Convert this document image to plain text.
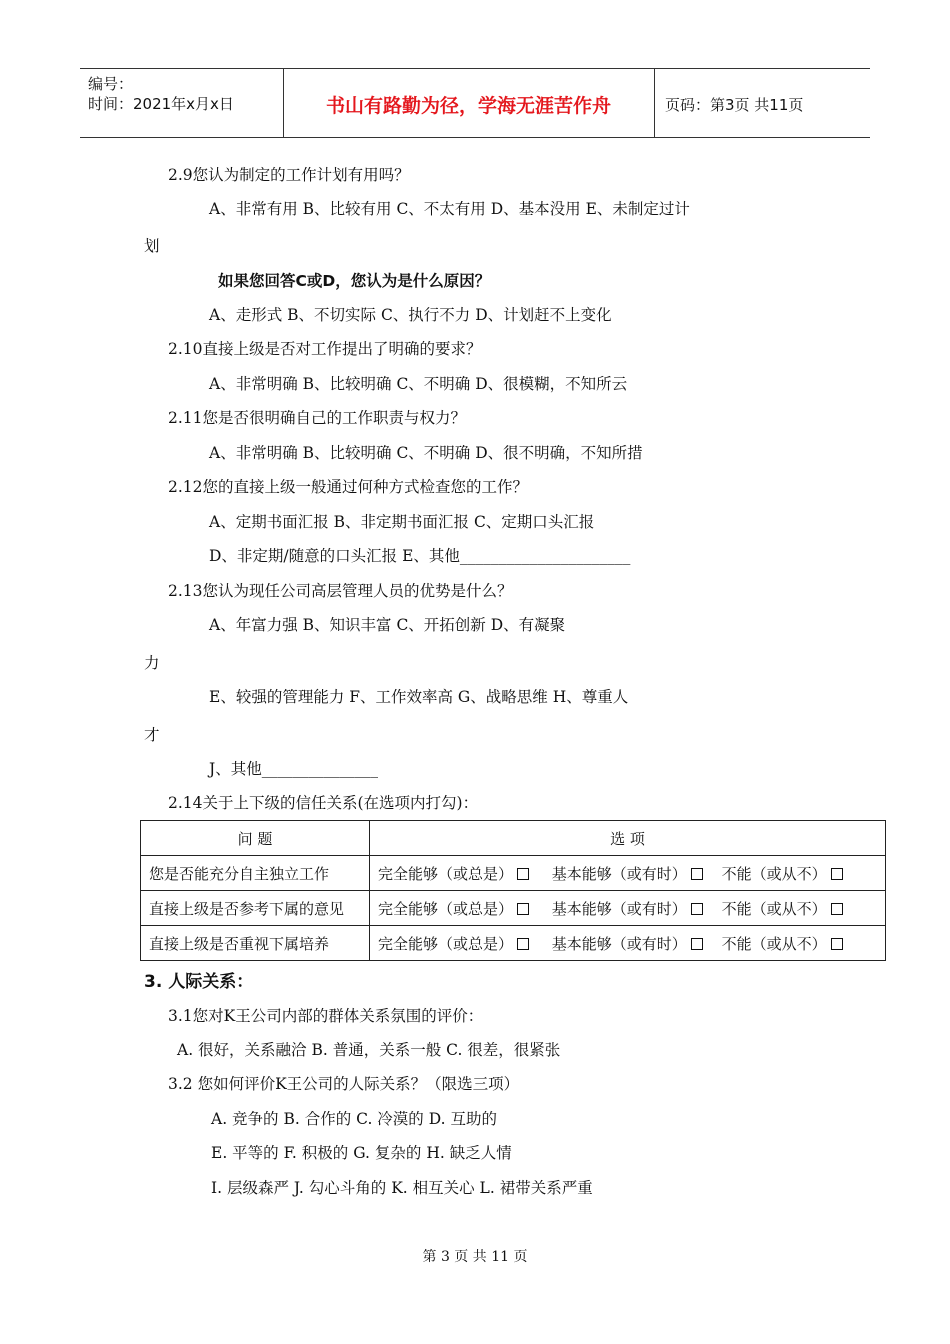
编号：
时间：2021年x月x日	书山有路勤为径，学海无涯苦作舟	页码：第3页 共11页
2.9您认为制定的工作计划有用吗？
A、非常有用 B、比较有用 C、不太有用 D、基本没用 E、未制定过计
划
如果您回答C或D，您认为是什么原因？
A、走形式 B、不切实际 C、执行不力 D、计划赶不上变化
2.10直接上级是否对工作提出了明确的要求？
A、非常明确 B、比较明确 C、不明确 D、很模糊，不知所云
2.11您是否很明确自己的工作职责与权力？
A、非常明确 B、比较明确 C、不明确 D、很不明确，不知所措
2.12您的直接上级一般通过何种方式检查您的工作？
A、定期书面汇报 B、非定期书面汇报 C、定期口头汇报
D、非定期/随意的口头汇报 E、其他______________________
2.13您认为现任公司高层管理人员的优势是什么？
A、年富力强 B、知识丰富 C、开拓创新 D、有凝聚
力
E、较强的管理能力 F、工作效率高 G、战略思维 H、尊重人
才
J、其他_______________
2.14关于上下级的信任关系(在选项内打勾)：
问 题	选 项
您是否能充分自主独立工作	完全能够（或总是） 基本能够（或有时） 不能（或从不）
直接上级是否参考下属的意见	完全能够（或总是） 基本能够（或有时） 不能（或从不）
直接上级是否重视下属培养	完全能够（或总是） 基本能够（或有时） 不能（或从不）
3. 人际关系：
3.1您对K王公司内部的群体关系氛围的评价：
A. 很好，关系融洽 B. 普通，关系一般 C. 很差，很紧张
3.2 您如何评价K王公司的人际关系？（限选三项）
A. 竞争的 B. 合作的 C. 冷漠的 D. 互助的
E. 平等的 F. 积极的 G. 复杂的 H. 缺乏人情
I. 层级森严 J. 勾心斗角的 K. 相互关心 L. 裙带关系严重
第 3 页 共 11 页
